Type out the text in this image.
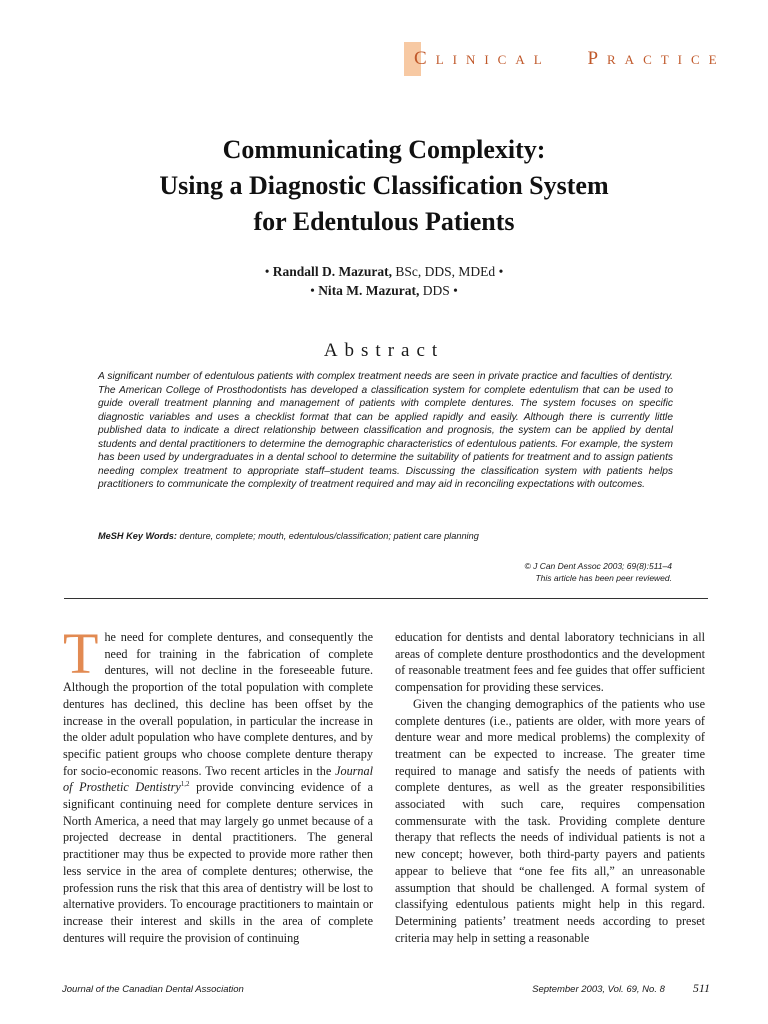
CLINICAL PRACTICE
Communicating Complexity:
Using a Diagnostic Classification System
for Edentulous Patients
• Randall D. Mazurat, BSc, DDS, MDEd •
• Nita M. Mazurat, DDS •
Abstract
A significant number of edentulous patients with complex treatment needs are seen in private practice and faculties of dentistry. The American College of Prosthodontists has developed a classification system for complete edentulism that can be used to guide overall treatment planning and management of patients with complete dentures. The system focuses on specific diagnostic variables and uses a checklist format that can be applied rapidly and easily. Although there is currently little published data to indicate a direct relationship between classification and prognosis, the system can be applied by dental students and dental practitioners to determine the demographic characteristics of edentulous patients. For example, the system has been used by undergraduates in a dental school to determine the suitability of patients for treatment and to assign patients needing complex treatment to appropriate staff–student teams. Discussing the classification system with patients helps practitioners to communicate the complexity of treatment required and may aid in reconciling expectations with outcomes.
MeSH Key Words: denture, complete; mouth, edentulous/classification; patient care planning
© J Can Dent Assoc 2003; 69(8):511–4
This article has been peer reviewed.

The need for complete dentures, and consequently the need for training in the fabrication of complete dentures, will not decline in the foreseeable future. Although the proportion of the total population with complete dentures has declined, this decline has been offset by the increase in the overall population, in particular the increase in the older adult population who have complete dentures, and by specific patient groups who choose complete denture therapy for socio-economic reasons. Two recent articles in the Journal of Prosthetic Dentistry$^{1,2}$ provide convincing evidence of a significant continuing need for complete denture services in North America, a need that may largely go unmet because of a projected decrease in dental practitioners. The general practitioner may thus be expected to provide more rather then less service in the area of complete dentures; otherwise, the profession runs the risk that this area of dentistry will be lost to alternative providers. To encourage practitioners to maintain or increase their interest and skills in the area of complete dentures will require the provision of continuing

education for dentists and dental laboratory technicians in all areas of complete denture prosthodontics and the development of reasonable treatment fees and fee guides that offer sufficient compensation for providing these services.

Given the changing demographics of the patients who use complete dentures (i.e., patients are older, with more years of denture wear and more medical problems) the complexity of treatment can be expected to increase. The greater time required to manage and satisfy the needs of patients with complete dentures, as well as the greater responsibilities associated with such care, requires compensation commensurate with the task. Providing complete denture therapy that reflects the needs of individual patients is not a new concept; however, both third-party payers and patients appear to believe that “one fee fits all,” an unreasonable assumption that should be challenged. A formal system of classifying edentulous patients might help in this regard. Determining patients’ treatment needs according to preset criteria may help in setting a reasonable

Journal of the Canadian Dental Association	September 2003, Vol. 69, No. 8 511
